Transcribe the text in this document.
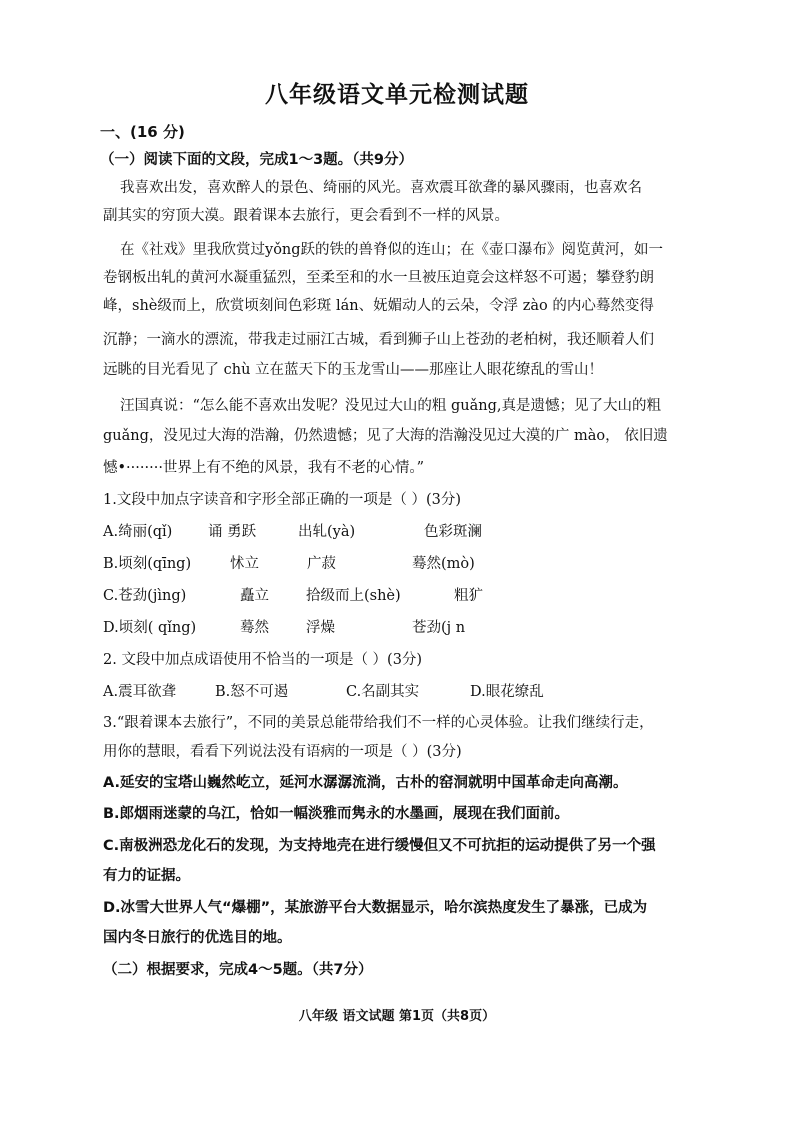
八年级语文单元检测试题
一、(16 分)
（一）阅读下面的文段，完成1～3题。（共9分）
我喜欢出发，喜欢醉人的景色、绮丽的风光。喜欢震耳欲聋的暴风骤雨，也喜欢名
副其实的穷顶大漠。跟着课本去旅行，更会看到不一样的风景。
在《社戏》里我欣赏过yǒng跃的铁的兽脊似的连山；在《壶口瀑布》阅览黄河，如一
卷钢板出轧的黄河水凝重猛烈，至柔至和的水一旦被压迫竟会这样怒不可遏；攀登豹朗
峰，shè级而上，欣赏顷刻间色彩斑 lán、妩媚动人的云朵，令浮 zào 的内心蓦然变得
沉静；一滴水的漂流，带我走过丽江古城，看到狮子山上苍劲的老柏树，我还顺着人们
远眺的目光看见了 chù 立在蓝天下的玉龙雪山——那座让人眼花缭乱的雪山！
汪国真说：“怎么能不喜欢出发呢？没见过大山的粗 guǎng,真是遗憾；见了大山的粗
guǎng，没见过大海的浩瀚，仍然遗憾；见了大海的浩瀚没见过大漠的广 mào， 依旧遗
憾•········世界上有不绝的风景，我有不老的心情。”
1.文段中加点字读音和字形全部正确的一项是（ ）(3分)
A.绮丽(qǐ) 诵 勇跃	出轧(yà)	色彩斑澜
B.顷刻(qīng)	怵立	广菽	蓦然(mò)
C.苍劲(jìng)	矗立	拾级而上(shè)	粗犷
D.顷刻( qǐng)	蓦然	浮燥	苍劲(j n
2. 文段中加点成语使用不恰当的一项是（ ）(3分)
A.震耳欲聋	B.怒不可遏	C.名副其实	D.眼花缭乱
3.“跟着课本去旅行”，不同的美景总能带给我们不一样的心灵体验。让我们继续行走，
用你的慧眼，看看下列说法没有语病的一项是（ ）(3分)
A.延安的宝塔山巍然屹立，延河水潺潺流淌，古朴的窑洞就明中国革命走向高潮。
B.郎烟雨迷蒙的乌江，恰如一幅淡雅而隽永的水墨画，展现在我们面前。
C.南极洲恐龙化石的发现，为支持地壳在进行缓慢但又不可抗拒的运动提供了另一个强
有力的证据。
D.冰雪大世界人气“爆棚”，某旅游平台大数据显示，哈尔滨热度发生了暴涨，已成为
国内冬日旅行的优选目的地。
（二）根据要求，完成4～5题。（共7分）
八年级 语文试题 第1页（共8页）
